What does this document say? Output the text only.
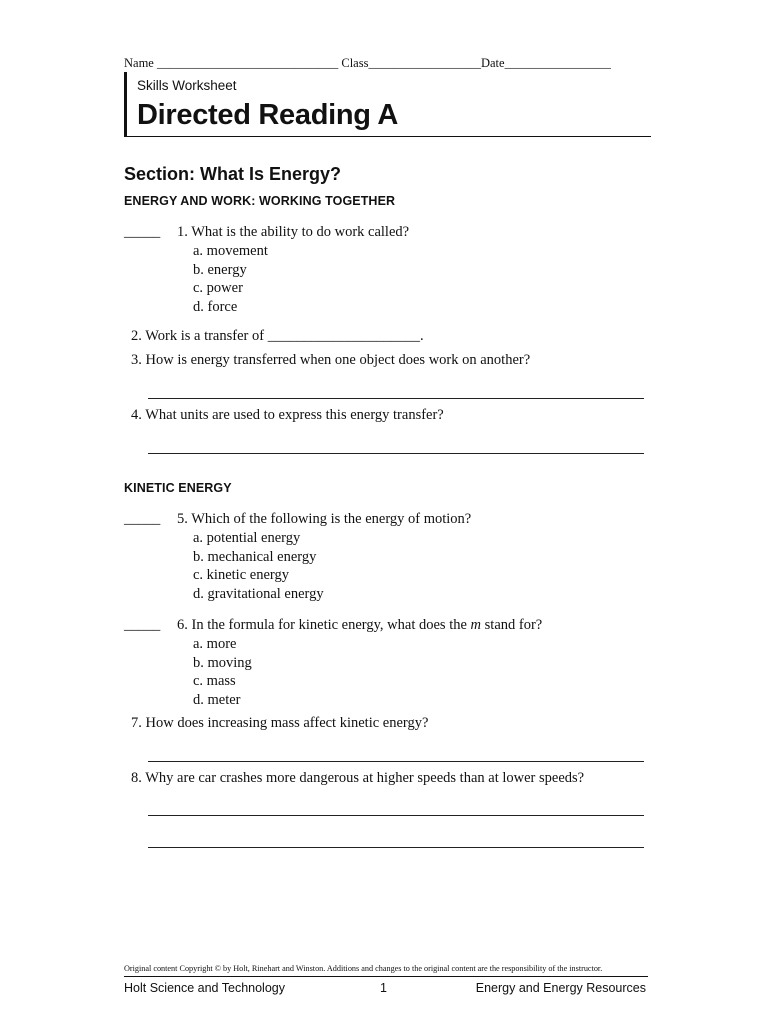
Name _____________________________ Class__________________Date_________________
Skills Worksheet
Directed Reading A
Section: What Is Energy?
ENERGY AND WORK: WORKING TOGETHER
_____ 1. What is the ability to do work called?
a. movement
b. energy
c. power
d. force
2. Work is a transfer of _____________________.
3. How is energy transferred when one object does work on another?
4. What units are used to express this energy transfer?
KINETIC ENERGY
_____ 5. Which of the following is the energy of motion?
a. potential energy
b. mechanical energy
c. kinetic energy
d. gravitational energy
_____ 6. In the formula for kinetic energy, what does the m stand for?
a. more
b. moving
c. mass
d. meter
7. How does increasing mass affect kinetic energy?
8. Why are car crashes more dangerous at higher speeds than at lower speeds?
Original content Copyright © by Holt, Rinehart and Winston. Additions and changes to the original content are the responsibility of the instructor.
Holt Science and Technology	1	Energy and Energy Resources
